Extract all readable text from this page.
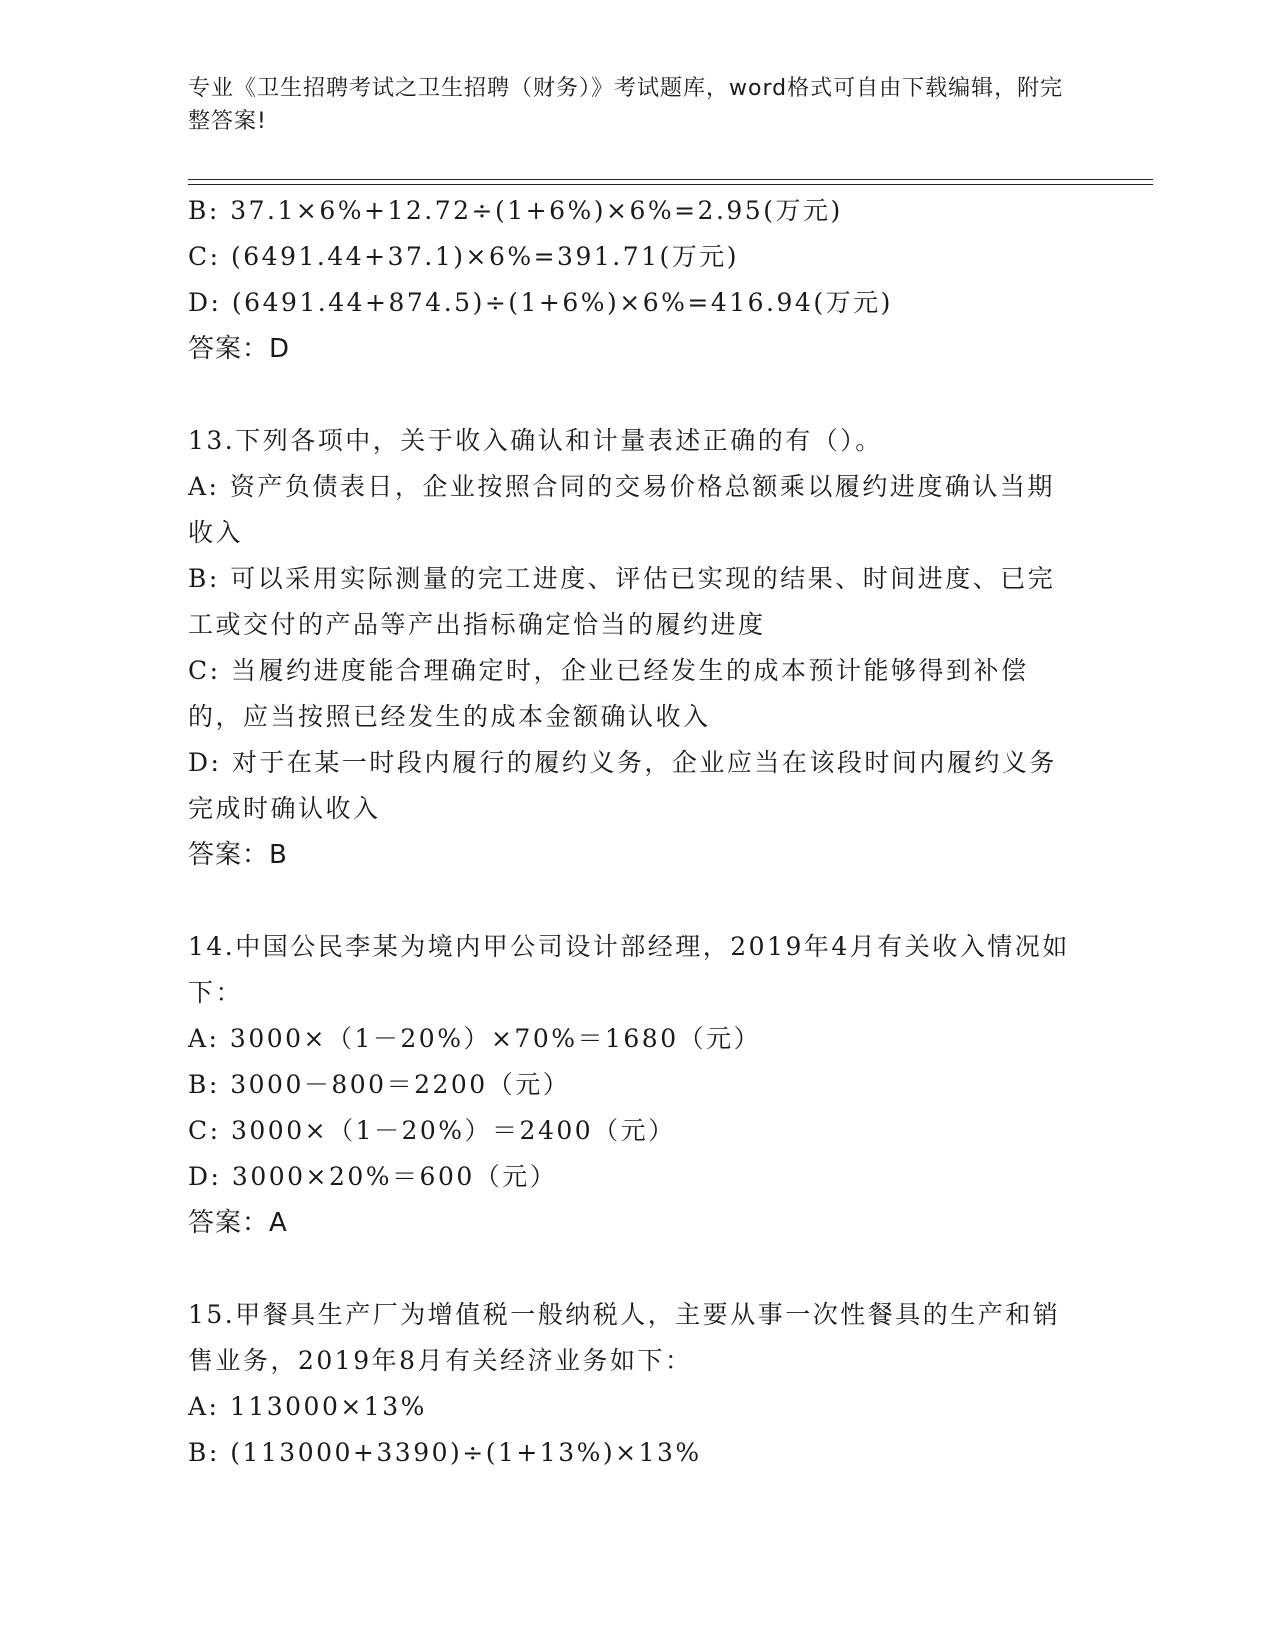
专业《卫生招聘考试之卫生招聘（财务）》考试题库，word格式可自由下载编辑，附完整答案!
B: 37.1×6%+12.72÷(1+6%)×6%=2.95(万元)
C: (6491.44+37.1)×6%=391.71(万元)
D: (6491.44+874.5)÷(1+6%)×6%=416.94(万元)
答案：D
13.下列各项中，关于收入确认和计量表述正确的有（）。
A: 资产负债表日，企业按照合同的交易价格总额乘以履约进度确认当期收入
B: 可以采用实际测量的完工进度、评估已实现的结果、时间进度、已完工或交付的产品等产出指标确定恰当的履约进度
C: 当履约进度能合理确定时，企业已经发生的成本预计能够得到补偿的，应当按照已经发生的成本金额确认收入
D: 对于在某一时段内履行的履约义务，企业应当在该段时间内履约义务完成时确认收入
答案：B
14.中国公民李某为境内甲公司设计部经理，2019年4月有关收入情况如下：
A: 3000×（1－20%）×70%＝1680（元）
B: 3000－800＝2200（元）
C: 3000×（1－20%）＝2400（元）
D: 3000×20%＝600（元）
答案：A
15.甲餐具生产厂为增值税一般纳税人，主要从事一次性餐具的生产和销售业务，2019年8月有关经济业务如下：
A: 113000×13%
B: (113000+3390)÷(1+13%)×13%
